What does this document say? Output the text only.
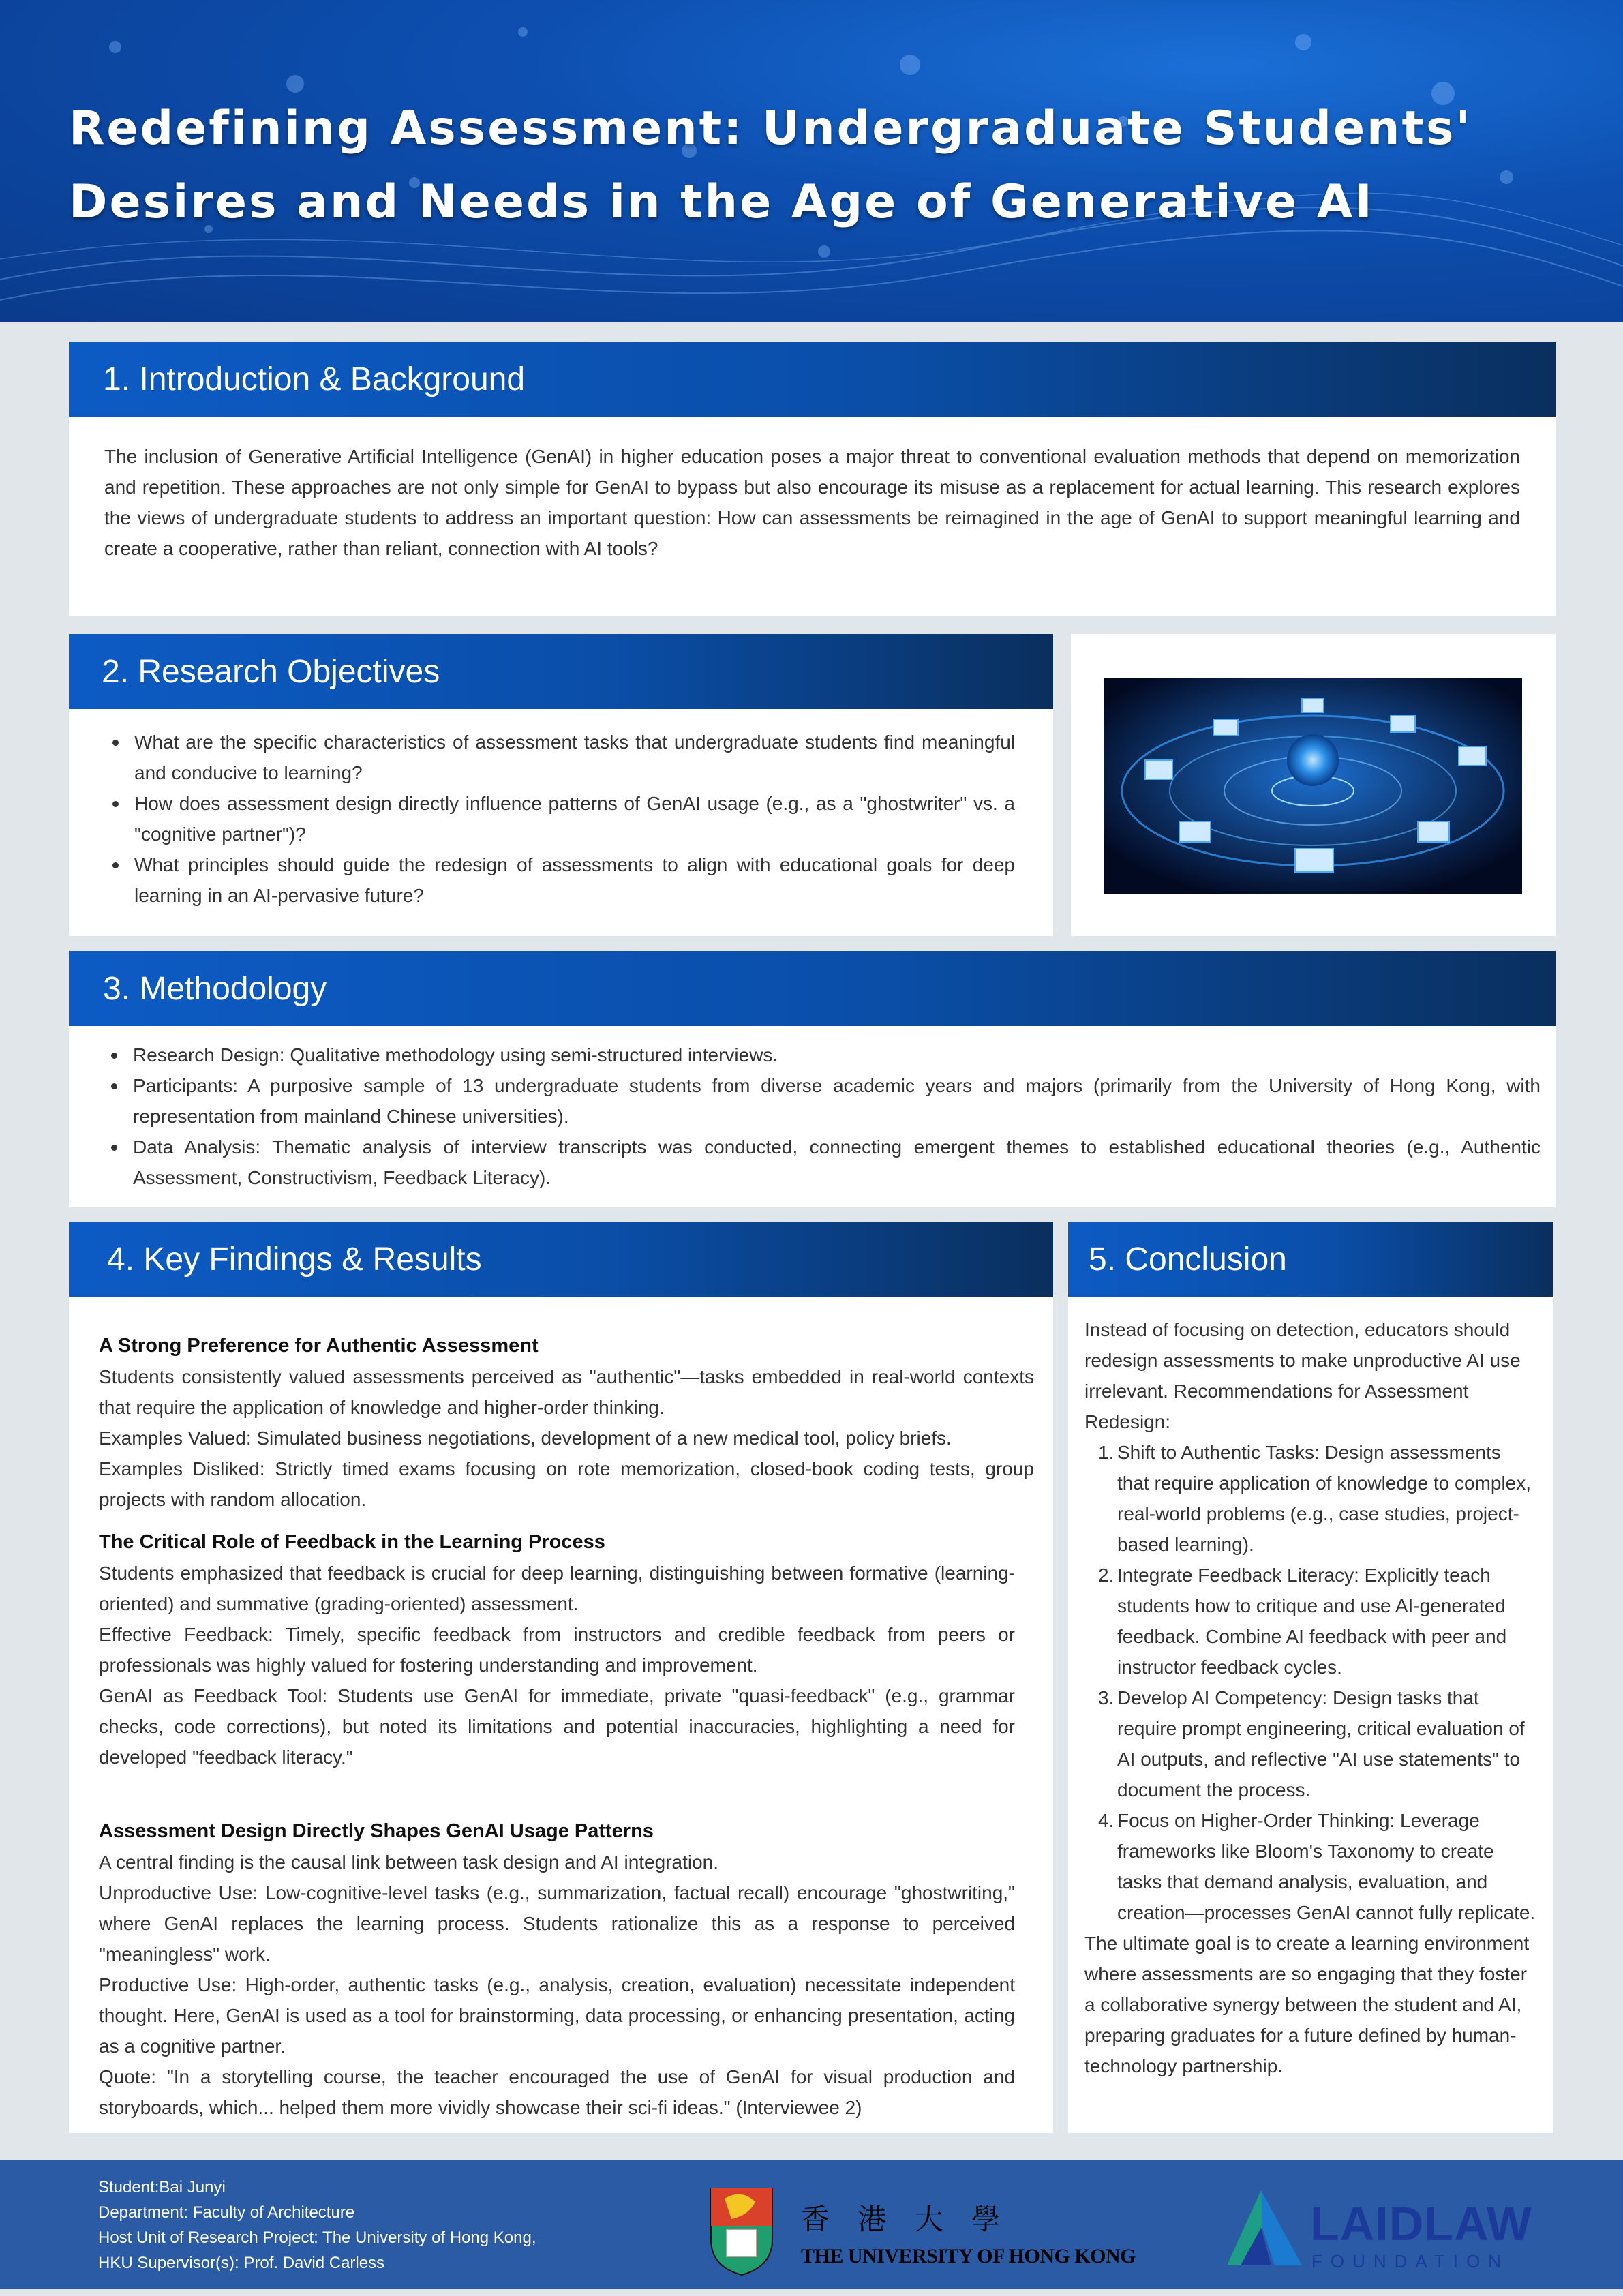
Redefining Assessment: Undergraduate Students' Desires and Needs in the Age of Generative AI
1. Introduction & Background

The inclusion of Generative Artificial Intelligence (GenAI) in higher education poses a major threat to conventional evaluation methods that depend on memorization and repetition. These approaches are not only simple for GenAI to bypass but also encourage its misuse as a replacement for actual learning. This research explores the views of undergraduate students to address an important question: How can assessments be reimagined in the age of GenAI to support meaningful learning and create a cooperative, rather than reliant, connection with AI tools?

2. Research Objectives
What are the specific characteristics of assessment tasks that undergraduate students find meaningful and conducive to learning?
How does assessment design directly influence patterns of GenAI usage (e.g., as a "ghostwriter" vs. a "cognitive partner")?
What principles should guide the redesign of assessments to align with educational goals for deep learning in an AI-pervasive future?
3. Methodology
Research Design: Qualitative methodology using semi-structured interviews.
Participants: A purposive sample of 13 undergraduate students from diverse academic years and majors (primarily from the University of Hong Kong, with representation from mainland Chinese universities).
Data Analysis: Thematic analysis of interview transcripts was conducted, connecting emergent themes to established educational theories (e.g., Authentic Assessment, Constructivism, Feedback Literacy).
4. Key Findings & Results
A Strong Preference for Authentic Assessment

Students consistently valued assessments perceived as "authentic"—tasks embedded in real-world contexts that require the application of knowledge and higher-order thinking.

Examples Valued: Simulated business negotiations, development of a new medical tool, policy briefs.

Examples Disliked: Strictly timed exams focusing on rote memorization, closed-book coding tests, group projects with random allocation.

The Critical Role of Feedback in the Learning Process

Students emphasized that feedback is crucial for deep learning, distinguishing between formative (learning-oriented) and summative (grading-oriented) assessment.

Effective Feedback: Timely, specific feedback from instructors and credible feedback from peers or professionals was highly valued for fostering understanding and improvement.

GenAI as Feedback Tool: Students use GenAI for immediate, private "quasi-feedback" (e.g., grammar checks, code corrections), but noted its limitations and potential inaccuracies, highlighting a need for developed "feedback literacy."

Assessment Design Directly Shapes GenAI Usage Patterns

A central finding is the causal link between task design and AI integration.

Unproductive Use: Low-cognitive-level tasks (e.g., summarization, factual recall) encourage "ghostwriting," where GenAI replaces the learning process. Students rationalize this as a response to perceived "meaningless" work.

Productive Use: High-order, authentic tasks (e.g., analysis, creation, evaluation) necessitate independent thought. Here, GenAI is used as a tool for brainstorming, data processing, or enhancing presentation, acting as a cognitive partner.

Quote: "In a storytelling course, the teacher encouraged the use of GenAI for visual production and storyboards, which... helped them more vividly showcase their sci-fi ideas." (Interviewee 2)

5. Conclusion

Instead of focusing on detection, educators should redesign assessments to make unproductive AI use irrelevant. Recommendations for Assessment Redesign:

1. Shift to Authentic Tasks: Design assessments that require application of knowledge to complex, real-world problems (e.g., case studies, project-based learning).
2. Integrate Feedback Literacy: Explicitly teach students how to critique and use AI-generated feedback. Combine AI feedback with peer and instructor feedback cycles.
3. Develop AI Competency: Design tasks that require prompt engineering, critical evaluation of AI outputs, and reflective "AI use statements" to document the process.
4. Focus on Higher-Order Thinking: Leverage frameworks like Bloom's Taxonomy to create tasks that demand analysis, evaluation, and creation—processes GenAI cannot fully replicate.

The ultimate goal is to create a learning environment where assessments are so engaging that they foster a collaborative synergy between the student and AI, preparing graduates for a future defined by human-technology partnership.

Student:Bai Junyi
Department: Faculty of Architecture
Host Unit of Research Project: The University of Hong Kong,
HKU Supervisor(s): Prof. David Carless
香 港 大 學
THE UNIVERSITY OF HONG KONG
LAIDLAW
FOUNDATION
